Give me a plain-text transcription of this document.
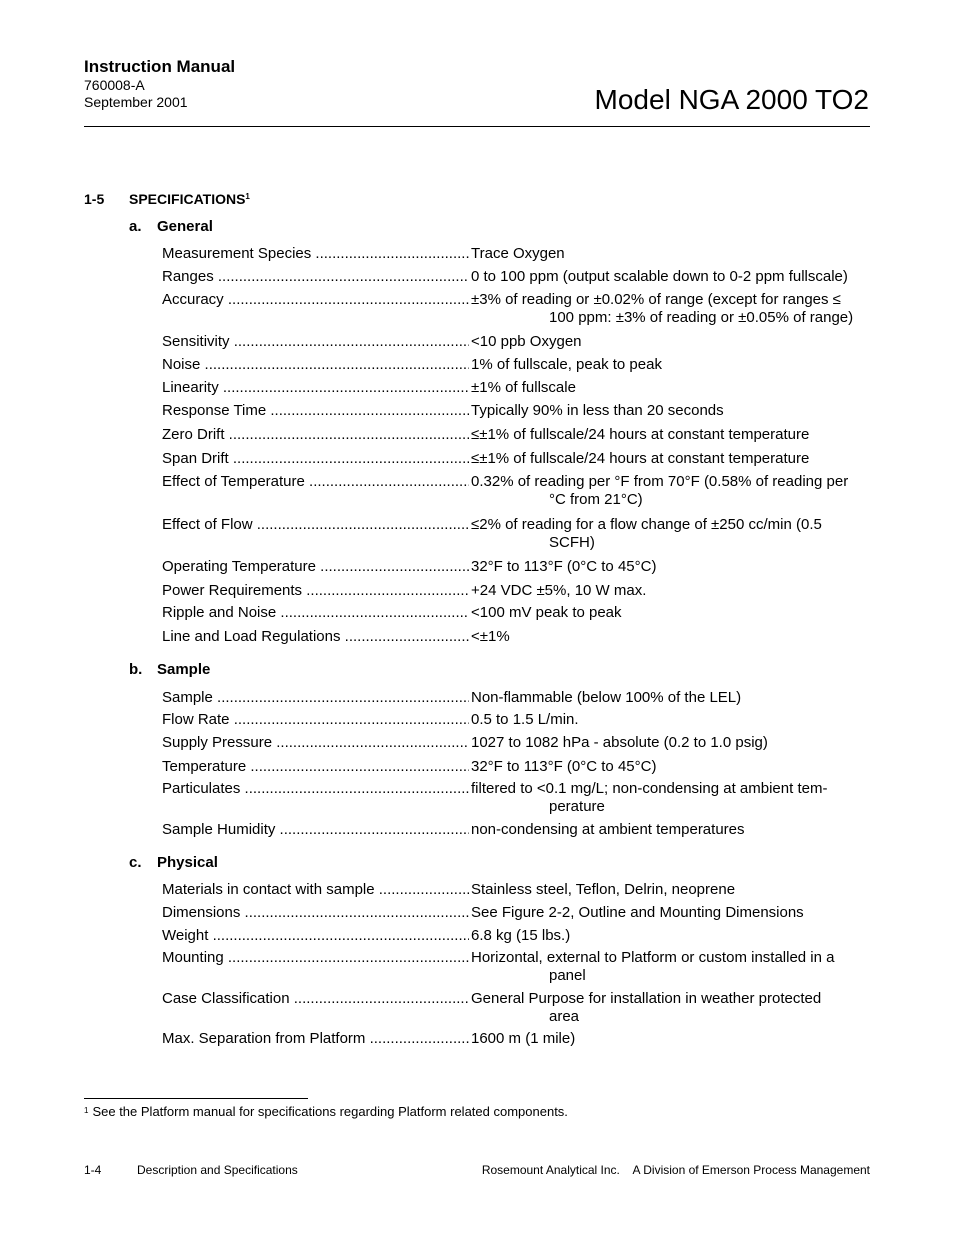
Instruction Manual
760008-A
September 2001	Model NGA 2000 TO2
1-5 SPECIFICATIONS$^1$
a. General
Measurement Species .....	Trace Oxygen
Ranges .....	0 to 100 ppm (output scalable down to 0-2 ppm fullscale)
Accuracy .....	±3% of reading or ±0.02% of range (except for ranges ≤
100 ppm: ±3% of reading or ±0.05% of range)
Sensitivity .....	<10 ppb Oxygen
Noise .....	1% of fullscale, peak to peak
Linearity .....	±1% of fullscale
Response Time .....	Typically 90% in less than 20 seconds
Zero Drift .....	≤±1% of fullscale/24 hours at constant temperature
Span Drift .....	≤±1% of fullscale/24 hours at constant temperature
Effect of Temperature .....	0.32% of reading per °F from 70°F (0.58% of reading per
°C from 21°C)
Effect of Flow .....	≤2% of reading for a flow change of ±250 cc/min (0.5
SCFH)
Operating Temperature .....	32°F to 113°F (0°C to 45°C)
Power Requirements .....	+24 VDC ±5%, 10 W max.
Ripple and Noise .....	<100 mV peak to peak
Line and Load Regulations .....	<±1%
b. Sample
Sample .....	Non-flammable (below 100% of the LEL)
Flow Rate .....	0.5 to 1.5 L/min.
Supply Pressure .....	1027 to 1082 hPa - absolute (0.2 to 1.0 psig)
Temperature .....	32°F to 113°F (0°C to 45°C)
Particulates .....	filtered to <0.1 mg/L; non-condensing at ambient tem-
perature
Sample Humidity .....	non-condensing at ambient temperatures
c. Physical
Materials in contact with sample .....	Stainless steel, Teflon, Delrin, neoprene
Dimensions .....	See Figure 2-2, Outline and Mounting Dimensions
Weight .....	6.8 kg (15 lbs.)
Mounting .....	Horizontal, external to Platform or custom installed in a
panel
Case Classification .....	General Purpose for installation in weather protected
area
Max. Separation from Platform .....	1600 m (1 mile)
$^1$ See the Platform manual for specifications regarding Platform related components.
1-4	Description and Specifications	Rosemount Analytical Inc.    A Division of Emerson Process Management
